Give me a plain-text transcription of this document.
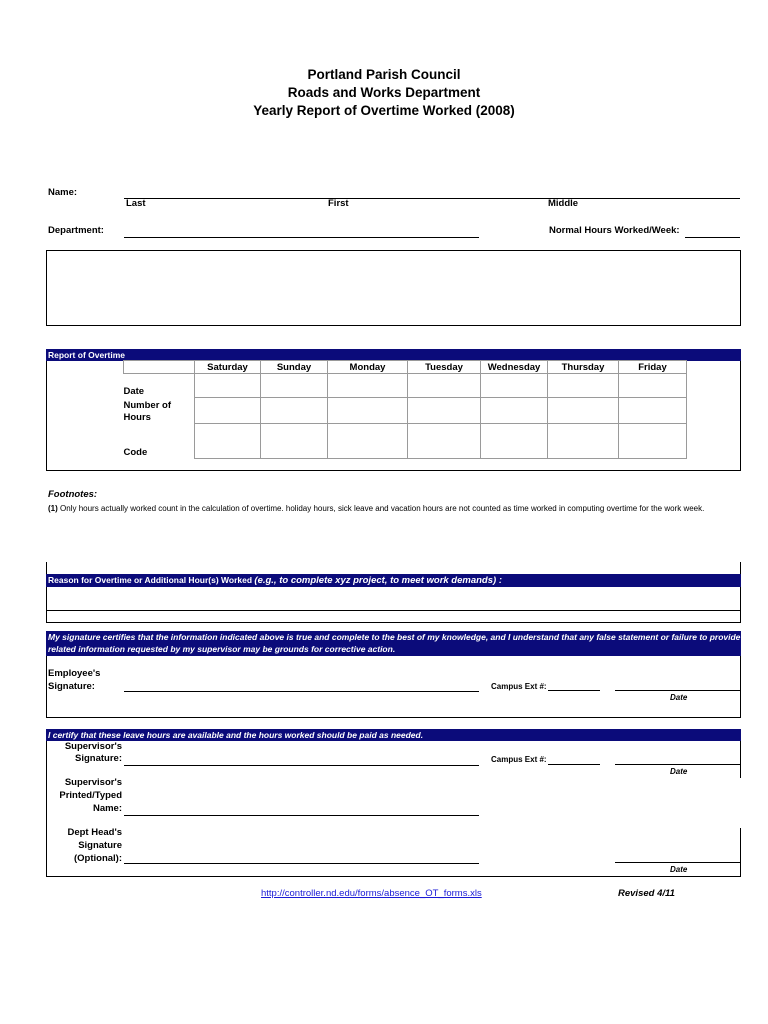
Portland Parish Council
Roads and Works Department
Yearly Report of Overtime Worked (2008)
Name:
Last	First	Middle
Department:	Normal Hours Worked/Week:
Report of Overtime
	Saturday	Sunday	Monday	Tuesday	Wednesday	Thursday	Friday
Date							
Number of Hours							
Code							
Footnotes:
(1) Only hours actually worked count in the calculation of overtime. holiday hours, sick leave and vacation hours are not counted as time worked in computing overtime for the work week.
Reason for Overtime or Additional Hour(s) Worked (e.g., to complete xyz project, to meet work demands) :
My signature certifies that the information indicated above is true and complete to the best of my knowledge, and I understand that any false statement or failure to provide related information requested by my supervisor may be grounds for corrective action.
Employee's
Signature:	Campus Ext #:
Date
I certify that these leave hours are available and the hours worked should be paid as needed.
Supervisor's
Signature:	Campus Ext #:
Date
Supervisor's
Printed/Typed
Name:
Dept Head's
Signature
(Optional):
Date
http://controller.nd.edu/forms/absence_OT_forms.xls	Revised 4/11
